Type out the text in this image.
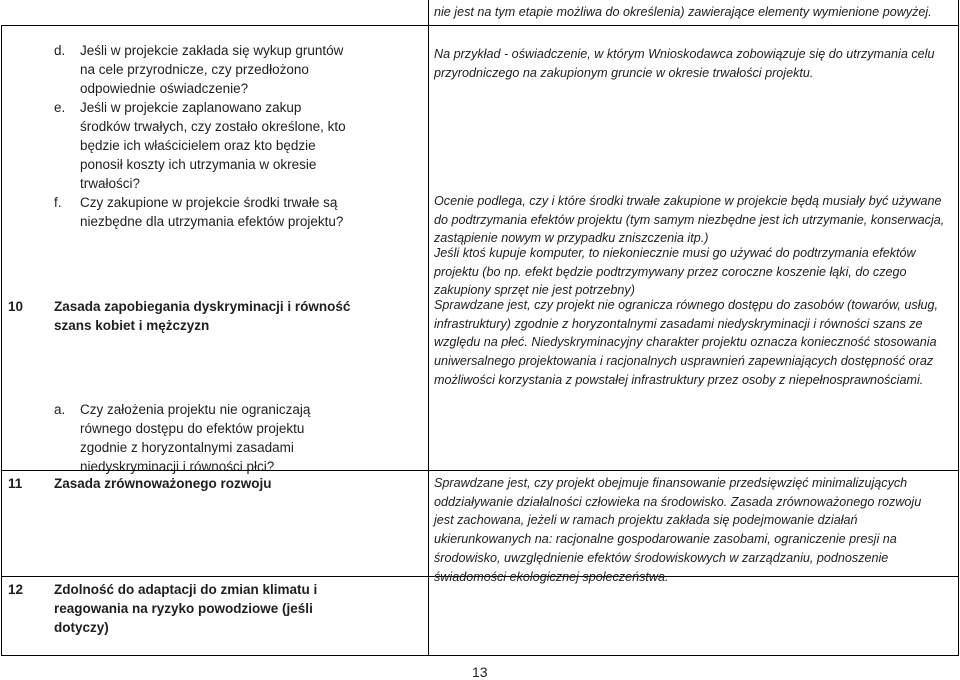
nie jest na tym etapie możliwa do określenia) zawierające elementy wymienione powyżej.
d. Jeśli w projekcie zakłada się wykup gruntów na cele przyrodnicze, czy przedłożono odpowiednie oświadczenie?
Na przykład - oświadczenie, w którym Wnioskodawca zobowiązuje się do utrzymania celu przyrodniczego na zakupionym gruncie w okresie trwałości projektu.
e. Jeśli w projekcie zaplanowano zakup środków trwałych, czy zostało określone, kto będzie ich właścicielem oraz kto będzie ponosił koszty ich utrzymania w okresie trwałości?
f. Czy zakupione w projekcie środki trwałe są niezbędne dla utrzymania efektów projektu?
Ocenie podlega, czy i które środki trwałe zakupione w projekcie będą musiały być używane do podtrzymania efektów projektu (tym samym niezbędne jest ich utrzymanie, konserwacja, zastąpienie nowym w przypadku zniszczenia itp.)
Jeśli ktoś kupuje komputer, to niekoniecznie musi go używać do podtrzymania efektów projektu (bo np. efekt będzie podtrzymywany przez coroczne koszenie łąki, do czego zakupiony sprzęt nie jest potrzebny)
10 Zasada zapobiegania dyskryminacji i równość szans kobiet i mężczyzn
Sprawdzane jest, czy projekt nie ogranicza równego dostępu do zasobów (towarów, usług, infrastruktury) zgodnie z horyzontalnymi zasadami niedyskryminacji i równości szans ze względu na płeć. Niedyskryminacyjny charakter projektu oznacza konieczność stosowania uniwersalnego projektowania i racjonalnych usprawnień zapewniających dostępność oraz możliwości korzystania z powstałej infrastruktury przez osoby z niepełnosprawnościami.
a. Czy założenia projektu nie ograniczają równego dostępu do efektów projektu zgodnie z horyzontalnymi zasadami niedyskryminacji i równości płci?
11 Zasada zrównoważonego rozwoju	Sprawdzane jest, czy projekt obejmuje finansowanie przedsięwzięć minimalizujących oddziaływanie działalności człowieka na środowisko. Zasada zrównoważonego rozwoju jest zachowana, jeżeli w ramach projektu zakłada się podejmowanie działań ukierunkowanych na: racjonalne gospodarowanie zasobami, ograniczenie presji na środowisko, uwzględnienie efektów środowiskowych w zarządzaniu, podnoszenie świadomości ekologicznej społeczeństwa.
12 Zdolność do adaptacji do zmian klimatu i reagowania na ryzyko powodziowe (jeśli dotyczy)
13
